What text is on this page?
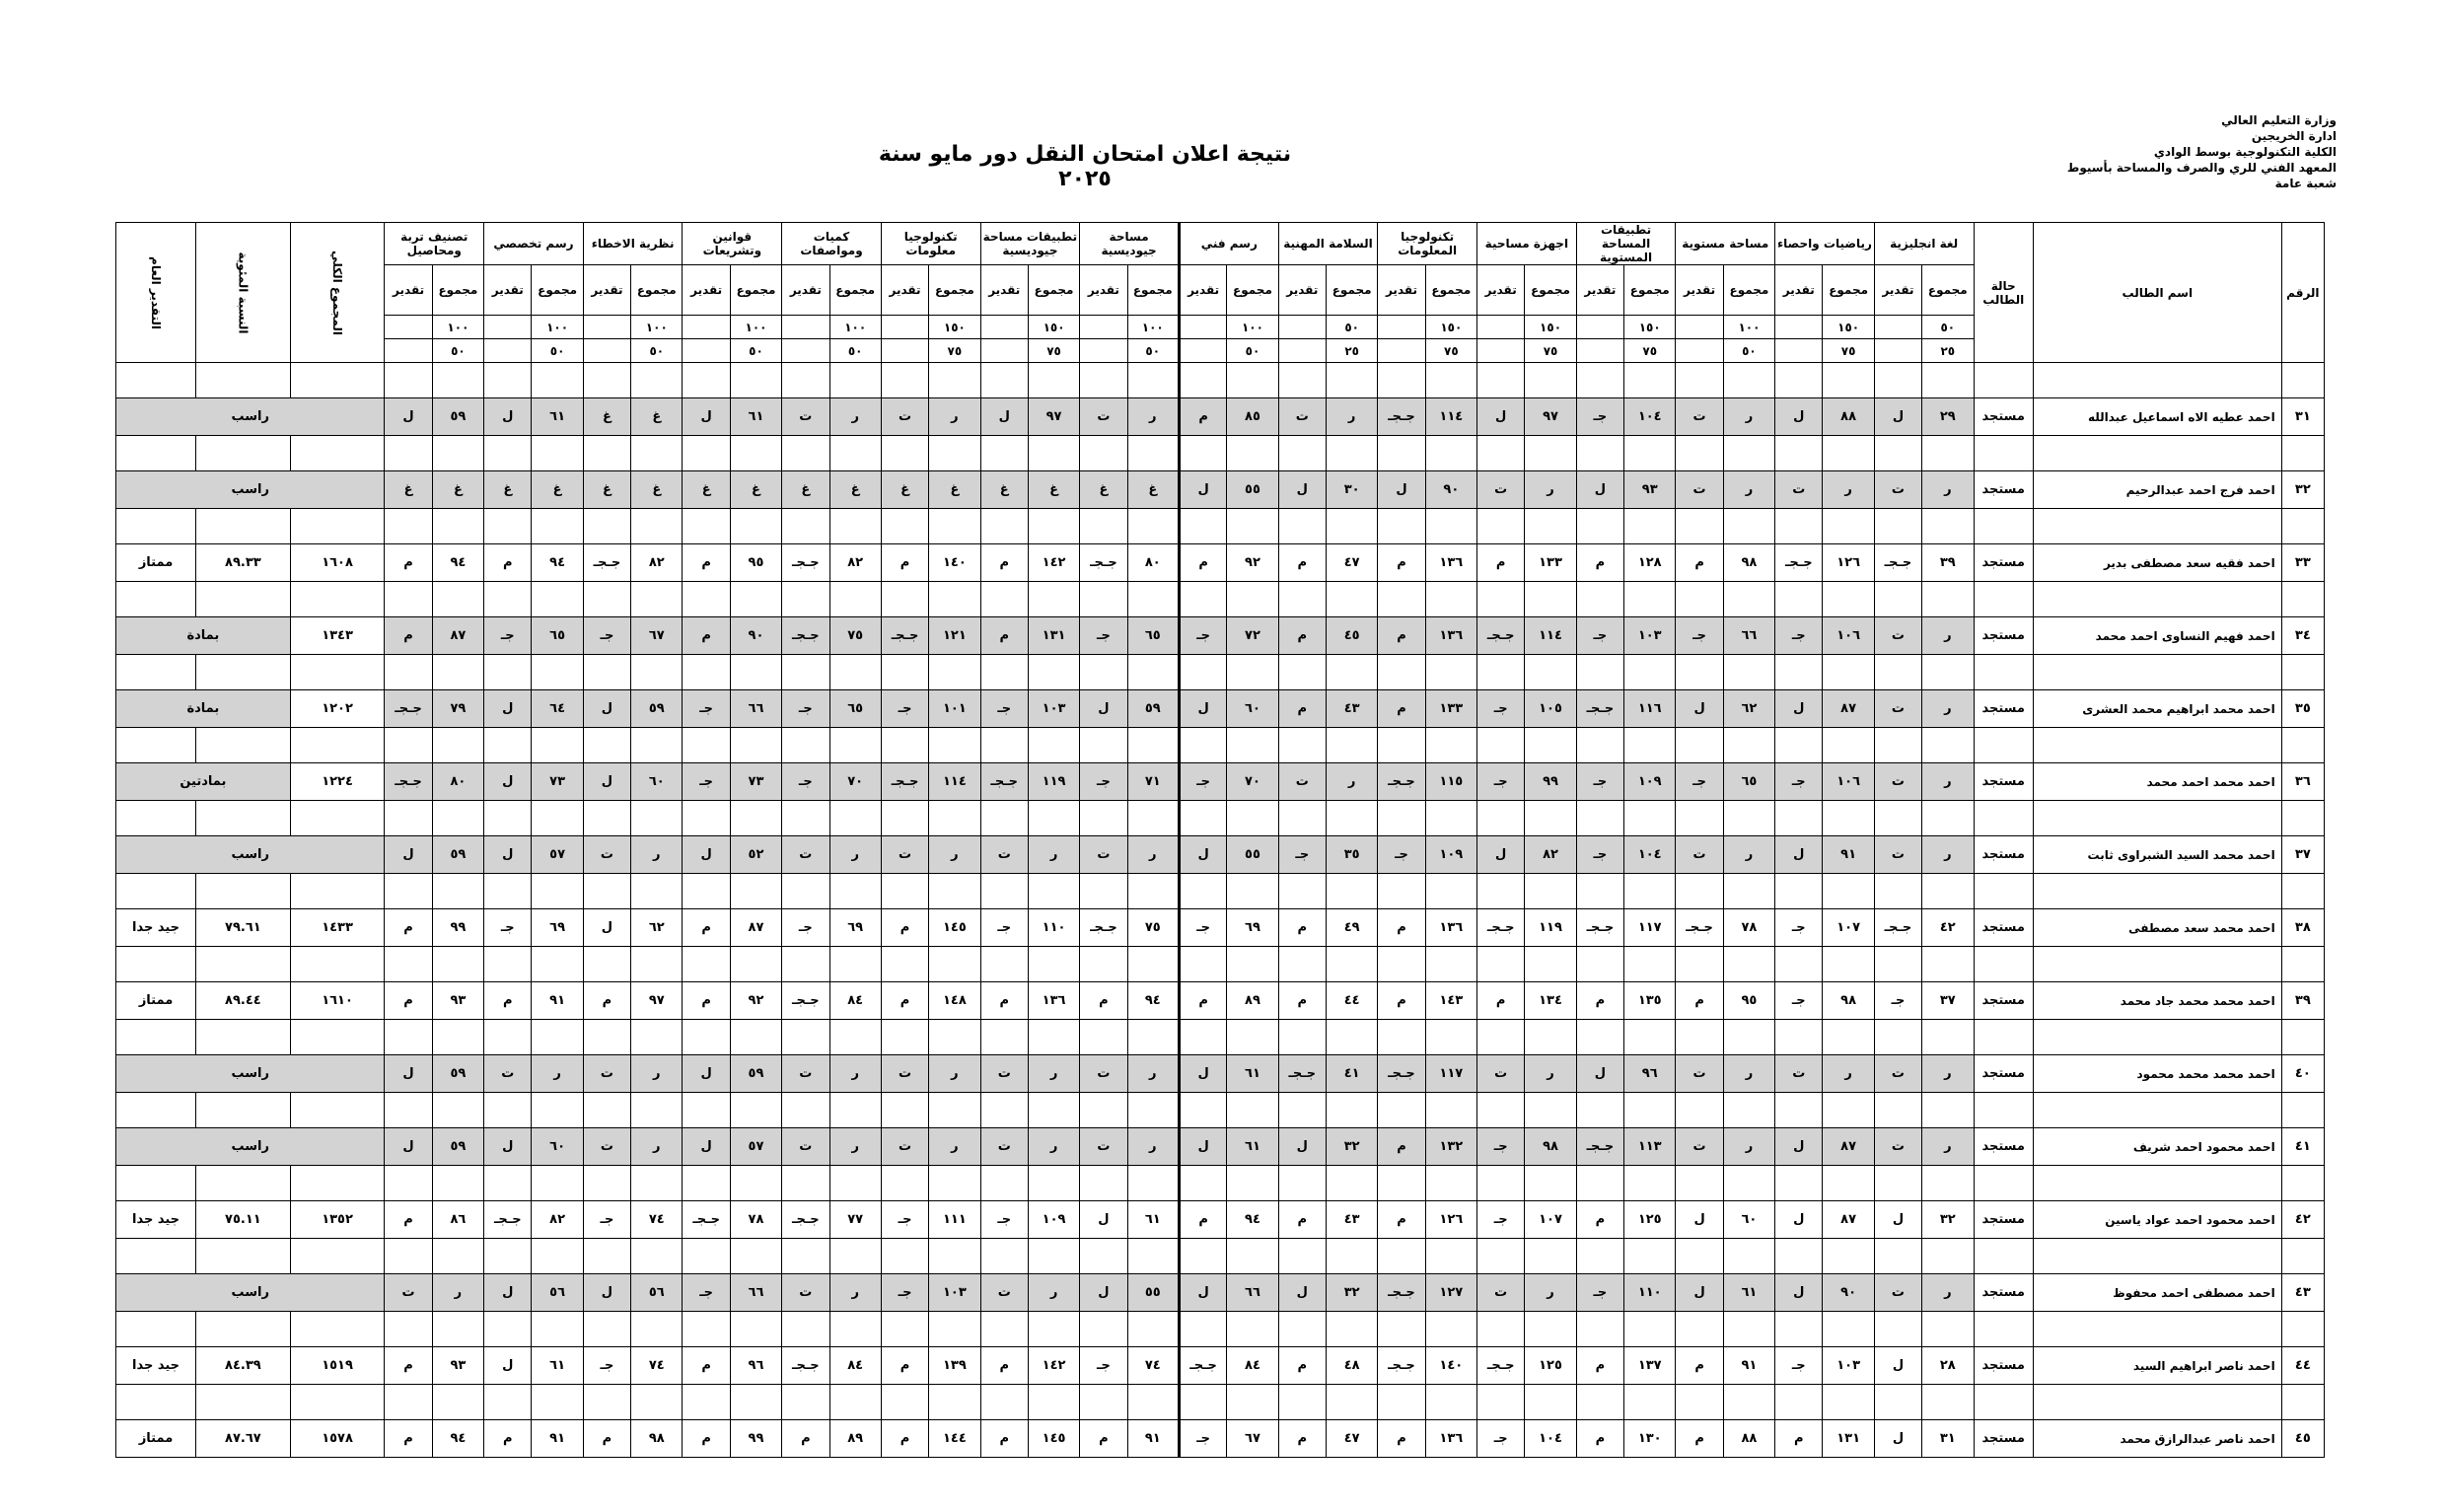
وزارة التعليم العالي
ادارة الخريجين
الكلية التكنولوجية بوسط الوادي
المعهد الفني للري والصرف والمساحة بأسيوط
شعبة عامة
نتيجة اعلان امتحان النقل دور مايو سنة ٢٠٢٥
الرقم	اسم الطالب	حالة الطالب	لغة انجليزية		رياضيات واحصاء		مساحة مستوية		تطبيقات المساحة المستوية		اجهزة مساحية		تكنولوجيا المعلومات		السلامة المهنية		رسم فني		مساحة جيوديسية		تطبيقات مساحة جيوديسية		تكنولوجيا معلومات		كميات ومواصفات		قوانين وتشريعات		نظرية الاخطاء		رسم تخصصي		تصنيف تربة ومحاصيل		المجموع الكلي	النسبة المئوية	التقدير العام
			مجموع	تقدير	مجموع	تقدير	مجموع	تقدير	مجموع	تقدير	مجموع	تقدير	مجموع	تقدير	مجموع	تقدير	مجموع	تقدير	مجموع	تقدير	مجموع	تقدير	مجموع	تقدير	مجموع	تقدير	مجموع	تقدير	مجموع	تقدير	مجموع	تقدير	مجموع	تقدير			
			٥٠		١٥٠		١٠٠		١٥٠		١٥٠		١٥٠		٥٠		١٠٠		١٠٠		١٥٠		١٥٠		١٠٠		١٠٠		١٠٠		١٠٠		١٠٠				
			٢٥		٧٥		٥٠		٧٥		٧٥		٧٥		٢٥		٥٠		٥٠		٧٥		٧٥		٥٠		٥٠		٥٠		٥٠		٥٠				

٣١	احمد عطيه الاه اسماعيل عبدالله	مستجد	٢٩	ل	٨٨	ل	ر	ت	١٠٤	جـ	٩٧	ل	١١٤	جـجـ	ر	ت	٨٥	م	ر	ت	٩٧	ل	ر	ت	ر	ت	٦١	ل	غ	غ	٦١	ل	٥٩	ل	راسب		

٣٢	احمد فرج احمد عبدالرحيم	مستجد	ر	ت	ر	ت	ر	ت	٩٣	ل	ر	ت	٩٠	ل	٣٠	ل	٥٥	ل	غ	غ	غ	غ	غ	غ	غ	غ	غ	غ	غ	غ	غ	غ	غ	غ	راسب		

٣٣	احمد فقيه سعد مصطفى بدير	مستجد	٣٩	جـجـ	١٢٦	جـجـ	٩٨	م	١٢٨	م	١٣٣	م	١٣٦	م	٤٧	م	٩٢	م	٨٠	جـجـ	١٤٢	م	١٤٠	م	٨٢	جـجـ	٩٥	م	٨٢	جـجـ	٩٤	م	٩٤	م	١٦٠٨	٨٩.٣٣	ممتاز

٣٤	احمد فهيم النساوى احمد محمد	مستجد	ر	ت	١٠٦	جـ	٦٦	جـ	١٠٣	جـ	١١٤	جـجـ	١٣٦	م	٤٥	م	٧٢	جـ	٦٥	جـ	١٣١	م	١٢١	جـجـ	٧٥	جـجـ	٩٠	م	٦٧	جـ	٦٥	جـ	٨٧	م	١٣٤٣	بمادة	

٣٥	احمد محمد ابراهيم محمد العشرى	مستجد	ر	ت	٨٧	ل	٦٢	ل	١١٦	جـجـ	١٠٥	جـ	١٣٣	م	٤٣	م	٦٠	ل	٥٩	ل	١٠٣	جـ	١٠١	جـ	٦٥	جـ	٦٦	جـ	٥٩	ل	٦٤	ل	٧٩	جـجـ	١٢٠٢	بمادة	

٣٦	احمد محمد احمد محمد	مستجد	ر	ت	١٠٦	جـ	٦٥	جـ	١٠٩	جـ	٩٩	جـ	١١٥	جـجـ	ر	ت	٧٠	جـ	٧١	جـ	١١٩	جـجـ	١١٤	جـجـ	٧٠	جـ	٧٣	جـ	٦٠	ل	٧٣	ل	٨٠	جـجـ	١٢٢٤	بمادتين	

٣٧	احمد محمد السيد الشبراوى ثابت	مستجد	ر	ت	٩١	ل	ر	ت	١٠٤	جـ	٨٢	ل	١٠٩	جـ	٣٥	جـ	٥٥	ل	ر	ت	ر	ت	ر	ت	ر	ت	٥٢	ل	ر	ت	٥٧	ل	٥٩	ل	راسب		

٣٨	احمد محمد سعد مصطفى	مستجد	٤٢	جـجـ	١٠٧	جـ	٧٨	جـجـ	١١٧	جـجـ	١١٩	جـجـ	١٣٦	م	٤٩	م	٦٩	جـ	٧٥	جـجـ	١١٠	جـ	١٤٥	م	٦٩	جـ	٨٧	م	٦٢	ل	٦٩	جـ	٩٩	م	١٤٣٣	٧٩.٦١	جيد جدا

٣٩	احمد محمد محمد جاد محمد	مستجد	٣٧	جـ	٩٨	جـ	٩٥	م	١٣٥	م	١٣٤	م	١٤٣	م	٤٤	م	٨٩	م	٩٤	م	١٣٦	م	١٤٨	م	٨٤	جـجـ	٩٢	م	٩٧	م	٩١	م	٩٣	م	١٦١٠	٨٩.٤٤	ممتاز

٤٠	احمد محمد محمد محمود	مستجد	ر	ت	ر	ت	ر	ت	٩٦	ل	ر	ت	١١٧	جـجـ	٤١	جـجـ	٦١	ل	ر	ت	ر	ت	ر	ت	ر	ت	٥٩	ل	ر	ت	ر	ت	٥٩	ل	راسب		

٤١	احمد محمود احمد شريف	مستجد	ر	ت	٨٧	ل	ر	ت	١١٣	جـجـ	٩٨	جـ	١٣٢	م	٣٢	ل	٦١	ل	ر	ت	ر	ت	ر	ت	ر	ت	٥٧	ل	ر	ت	٦٠	ل	٥٩	ل	راسب		

٤٢	احمد محمود احمد عواد ياسين	مستجد	٣٢	ل	٨٧	ل	٦٠	ل	١٢٥	م	١٠٧	جـ	١٢٦	م	٤٣	م	٩٤	م	٦١	ل	١٠٩	جـ	١١١	جـ	٧٧	جـجـ	٧٨	جـجـ	٧٤	جـ	٨٢	جـجـ	٨٦	م	١٣٥٢	٧٥.١١	جيد جدا

٤٣	احمد مصطفى احمد محفوظ	مستجد	ر	ت	٩٠	ل	٦١	ل	١١٠	جـ	ر	ت	١٢٧	جـجـ	٣٢	ل	٦٦	ل	٥٥	ل	ر	ت	١٠٣	جـ	ر	ت	٦٦	جـ	٥٦	ل	٥٦	ل	ر	ت	راسب		

٤٤	احمد ناصر ابراهيم السيد	مستجد	٢٨	ل	١٠٣	جـ	٩١	م	١٣٧	م	١٢٥	جـجـ	١٤٠	جـجـ	٤٨	م	٨٤	جـجـ	٧٤	جـ	١٤٢	م	١٣٩	م	٨٤	جـجـ	٩٦	م	٧٤	جـ	٦١	ل	٩٣	م	١٥١٩	٨٤.٣٩	جيد جدا

٤٥	احمد ناصر عبدالرازق محمد	مستجد	٣١	ل	١٣١	م	٨٨	م	١٣٠	م	١٠٤	جـ	١٣٦	م	٤٧	م	٦٧	جـ	٩١	م	١٤٥	م	١٤٤	م	٨٩	م	٩٩	م	٩٨	م	٩١	م	٩٤	م	١٥٧٨	٨٧.٦٧	ممتاز
